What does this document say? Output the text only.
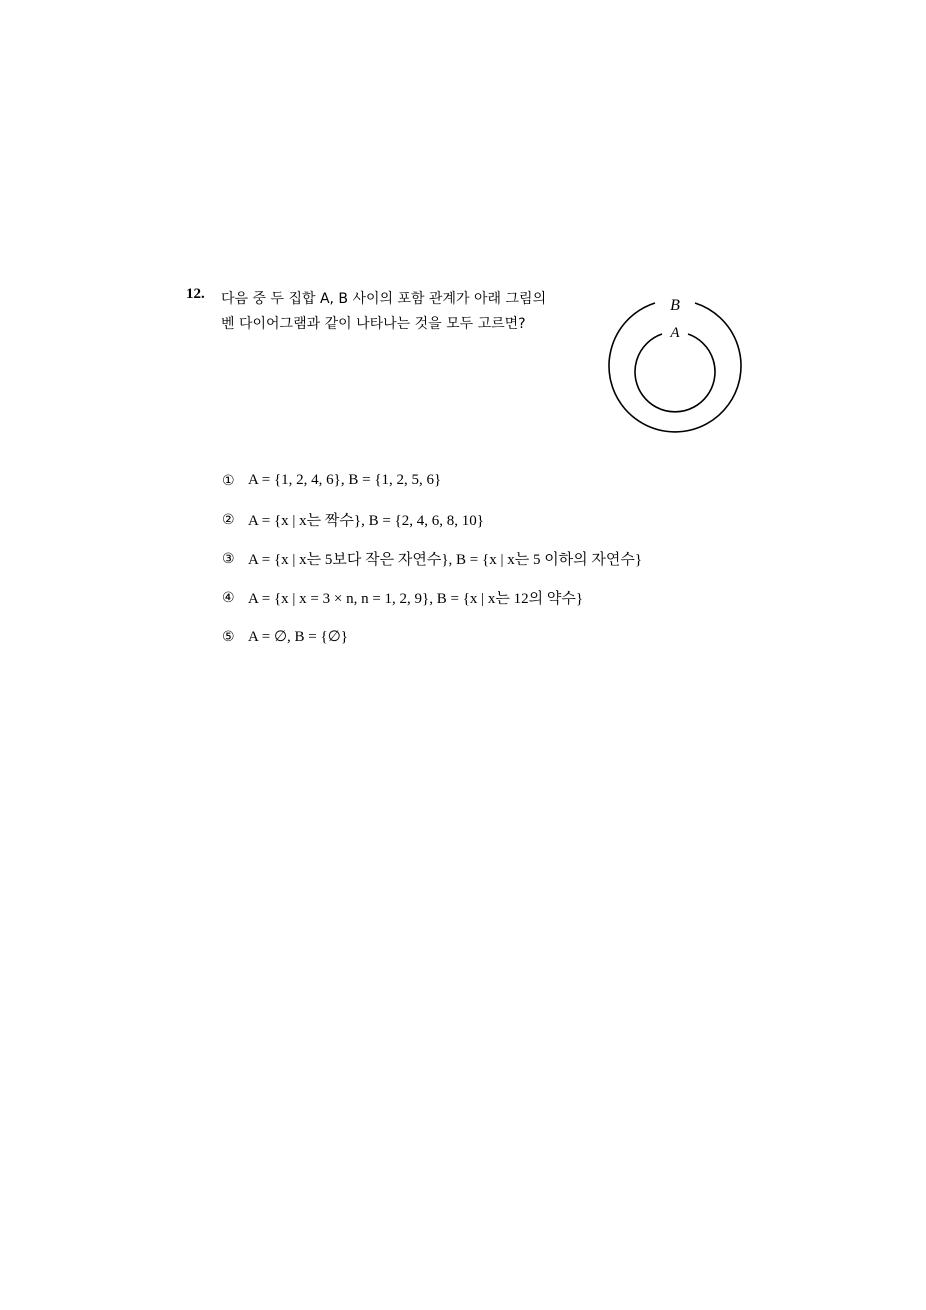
12. 다음 중 두 집합 A, B 사이의 포함 관계가 아래 그림의
벤 다이어그램과 같이 나타나는 것을 모두 고르면?
B
A
① A = {1, 2, 4, 6}, B = {1, 2, 5, 6}
② A = {x | x는 짝수}, B = {2, 4, 6, 8, 10}
③ A = {x | x는 5보다 작은 자연수}, B = {x | x는 5 이하의 자연수}
④ A = {x | x = 3 × n, n = 1, 2, 9}, B = {x | x는 12의 약수}
⑤ A = ∅, B = {∅}
